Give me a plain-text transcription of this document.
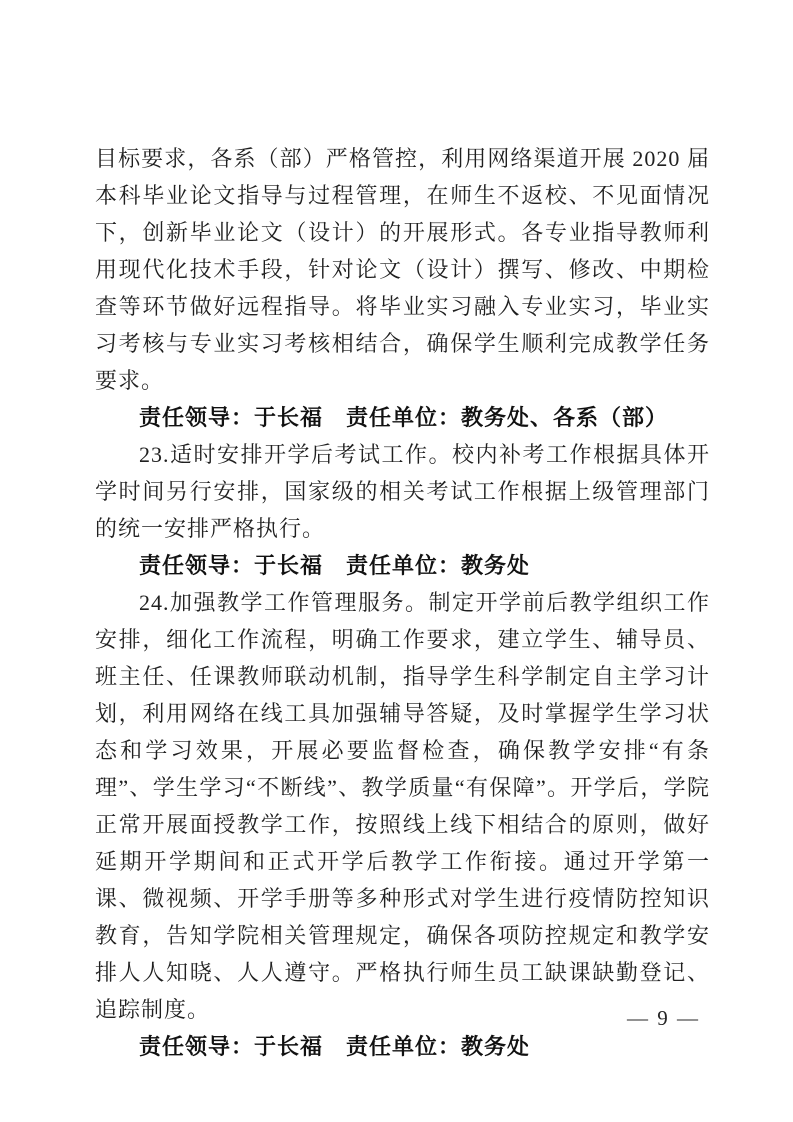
目标要求，各系（部）严格管控，利用网络渠道开展 2020 届本科毕业论文指导与过程管理，在师生不返校、不见面情况下，创新毕业论文（设计）的开展形式。各专业指导教师利用现代化技术手段，针对论文（设计）撰写、修改、中期检查等环节做好远程指导。将毕业实习融入专业实习，毕业实习考核与专业实习考核相结合，确保学生顺利完成教学任务要求。

责任领导：于长福　责任单位：教务处、各系（部）

23.适时安排开学后考试工作。校内补考工作根据具体开学时间另行安排，国家级的相关考试工作根据上级管理部门的统一安排严格执行。

责任领导：于长福　责任单位：教务处

24.加强教学工作管理服务。制定开学前后教学组织工作安排，细化工作流程，明确工作要求，建立学生、辅导员、班主任、任课教师联动机制，指导学生科学制定自主学习计划，利用网络在线工具加强辅导答疑，及时掌握学生学习状态和学习效果，开展必要监督检查，确保教学安排“有条理”、学生学习“不断线”、教学质量“有保障”。开学后，学院正常开展面授教学工作，按照线上线下相结合的原则，做好延期开学期间和正式开学后教学工作衔接。通过开学第一课、微视频、开学手册等多种形式对学生进行疫情防控知识教育，告知学院相关管理规定，确保各项防控规定和教学安排人人知晓、人人遵守。严格执行师生员工缺课缺勤登记、追踪制度。

责任领导：于长福　责任单位：教务处

— 9 —
